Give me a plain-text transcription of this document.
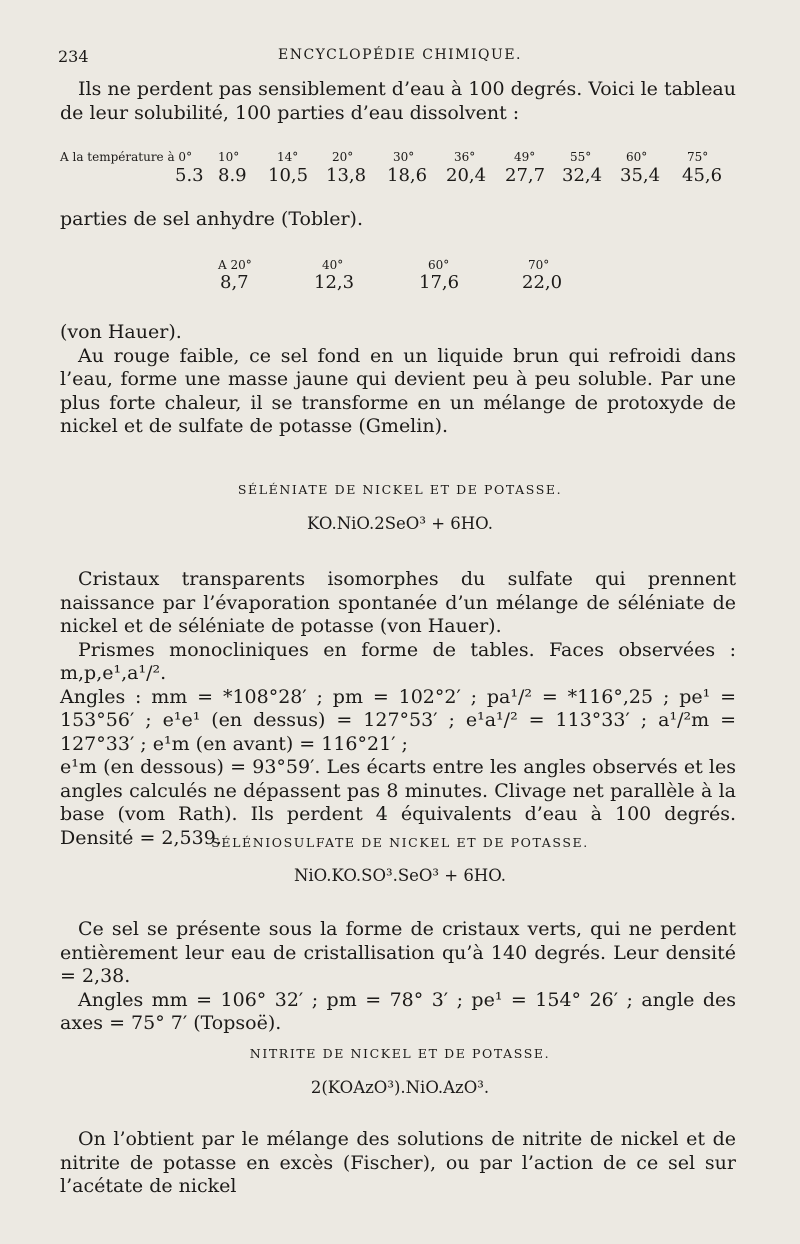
234	ENCYCLOPÉDIE CHIMIQUE.

Ils ne perdent pas sensiblement d’eau à 100 degrés. Voici le tableau de leur solubilité, 100 parties d’eau dissolvent :

A la température à 0° 10°	14°	20°	30°	36°	49°	55°	60°	75°
5.3 8.9 10,5 13,8 18,6 20,4 27,7 32,4 35,4 45,6

parties de sel anhydre (Tobler).

A 20°	40°	60°	70°
8,7	12,3	17,6	22,0

(von Hauer).

Au rouge faible, ce sel fond en un liquide brun qui refroidi dans l’eau, forme une masse jaune qui devient peu à peu soluble. Par une plus forte chaleur, il se transforme en un mélange de protoxyde de nickel et de sulfate de potasse (Gmelin).

SÉLÉNIATE DE NICKEL ET DE POTASSE.
KO.NiO.2SeO³ + 6HO.

Cristaux transparents isomorphes du sulfate qui prennent naissance par l’évaporation spontanée d’un mélange de séléniate de nickel et de séléniate de potasse (von Hauer).

Prismes monocliniques en forme de tables. Faces observées : m,p,e¹,a¹/².

Angles : mm = *108°28′ ; pm = 102°2′ ; pa¹/² = *116°,25 ; pe¹ = 153°56′ ; e¹e¹ (en dessus) = 127°53′ ; e¹a¹/² = 113°33′ ; a¹/²m = 127°33′ ; e¹m (en avant) = 116°21′ ;

e¹m (en dessous) = 93°59′. Les écarts entre les angles observés et les angles calculés ne dépassent pas 8 minutes. Clivage net parallèle à la base (vom Rath). Ils perdent 4 équivalents d’eau à 100 degrés. Densité = 2,539.

SÉLÉNIOSULFATE DE NICKEL ET DE POTASSE.
NiO.KO.SO³.SeO³ + 6HO.

Ce sel se présente sous la forme de cristaux verts, qui ne perdent entièrement leur eau de cristallisation qu’à 140 degrés. Leur densité = 2,38.

Angles mm = 106° 32′ ; pm = 78° 3′ ; pe¹ = 154° 26′ ; angle des axes = 75° 7′ (Topsoë).

NITRITE DE NICKEL ET DE POTASSE.
2(KOAzO³).NiO.AzO³.

On l’obtient par le mélange des solutions de nitrite de nickel et de nitrite de potasse en excès (Fischer), ou par l’action de ce sel sur l’acétate de nickel
